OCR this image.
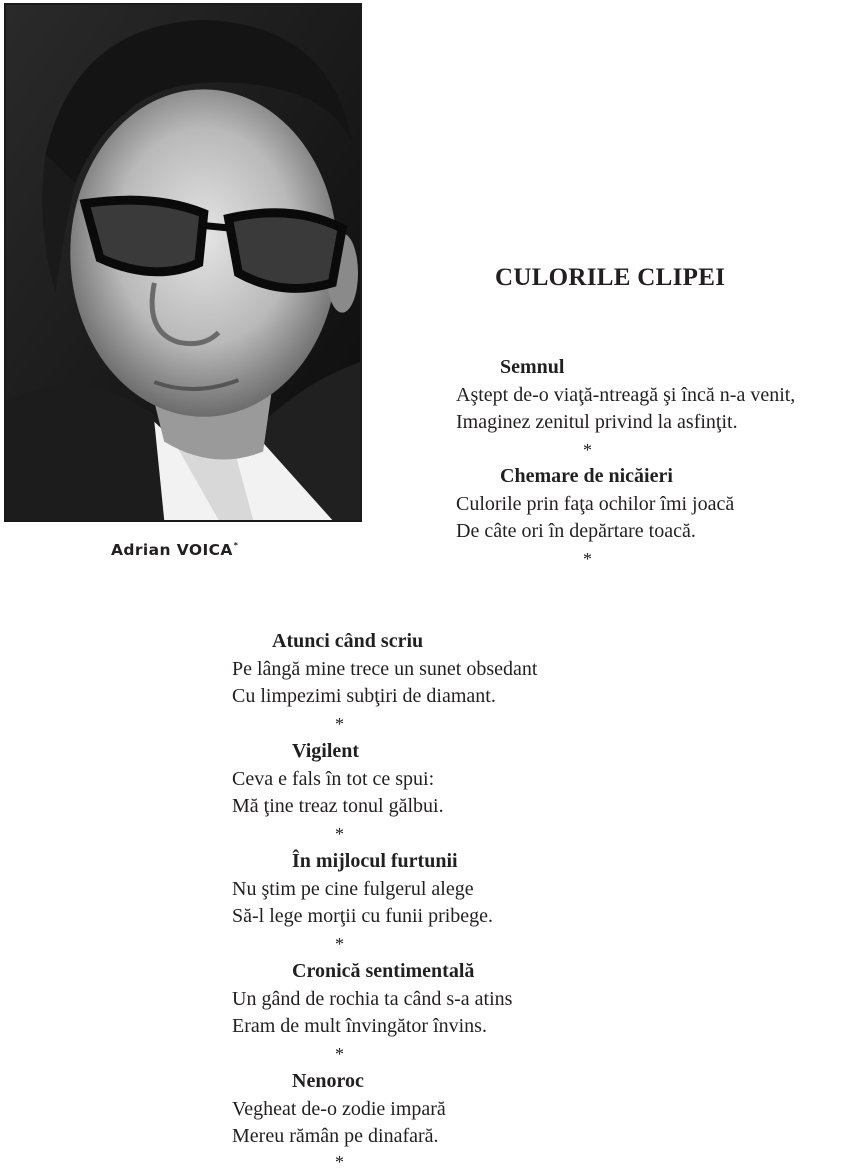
Adrian VOICA*
CULORILE CLIPEI
Semnul
Aştept de-o viaţă-ntreagă şi încă n-a venit,
Imaginez zenitul privind la asfinţit.
*
Chemare de nicăieri
Culorile prin faţa ochilor îmi joacă
De câte ori în depărtare toacă.
*
Atunci când scriu
Pe lângă mine trece un sunet obsedant
Cu limpezimi subţiri de diamant.
*
Vigilent
Ceva e fals în tot ce spui:
Mă ţine treaz tonul gălbui.
*
În mijlocul furtunii
Nu ştim pe cine fulgerul alege
Să-l lege morţii cu funii pribege.
*
Cronică sentimentală
Un gând de rochia ta când s-a atins
Eram de mult învingător învins.
*
Nenoroc
Vegheat de-o zodie impară
Mereu rămân pe dinafară.
*
